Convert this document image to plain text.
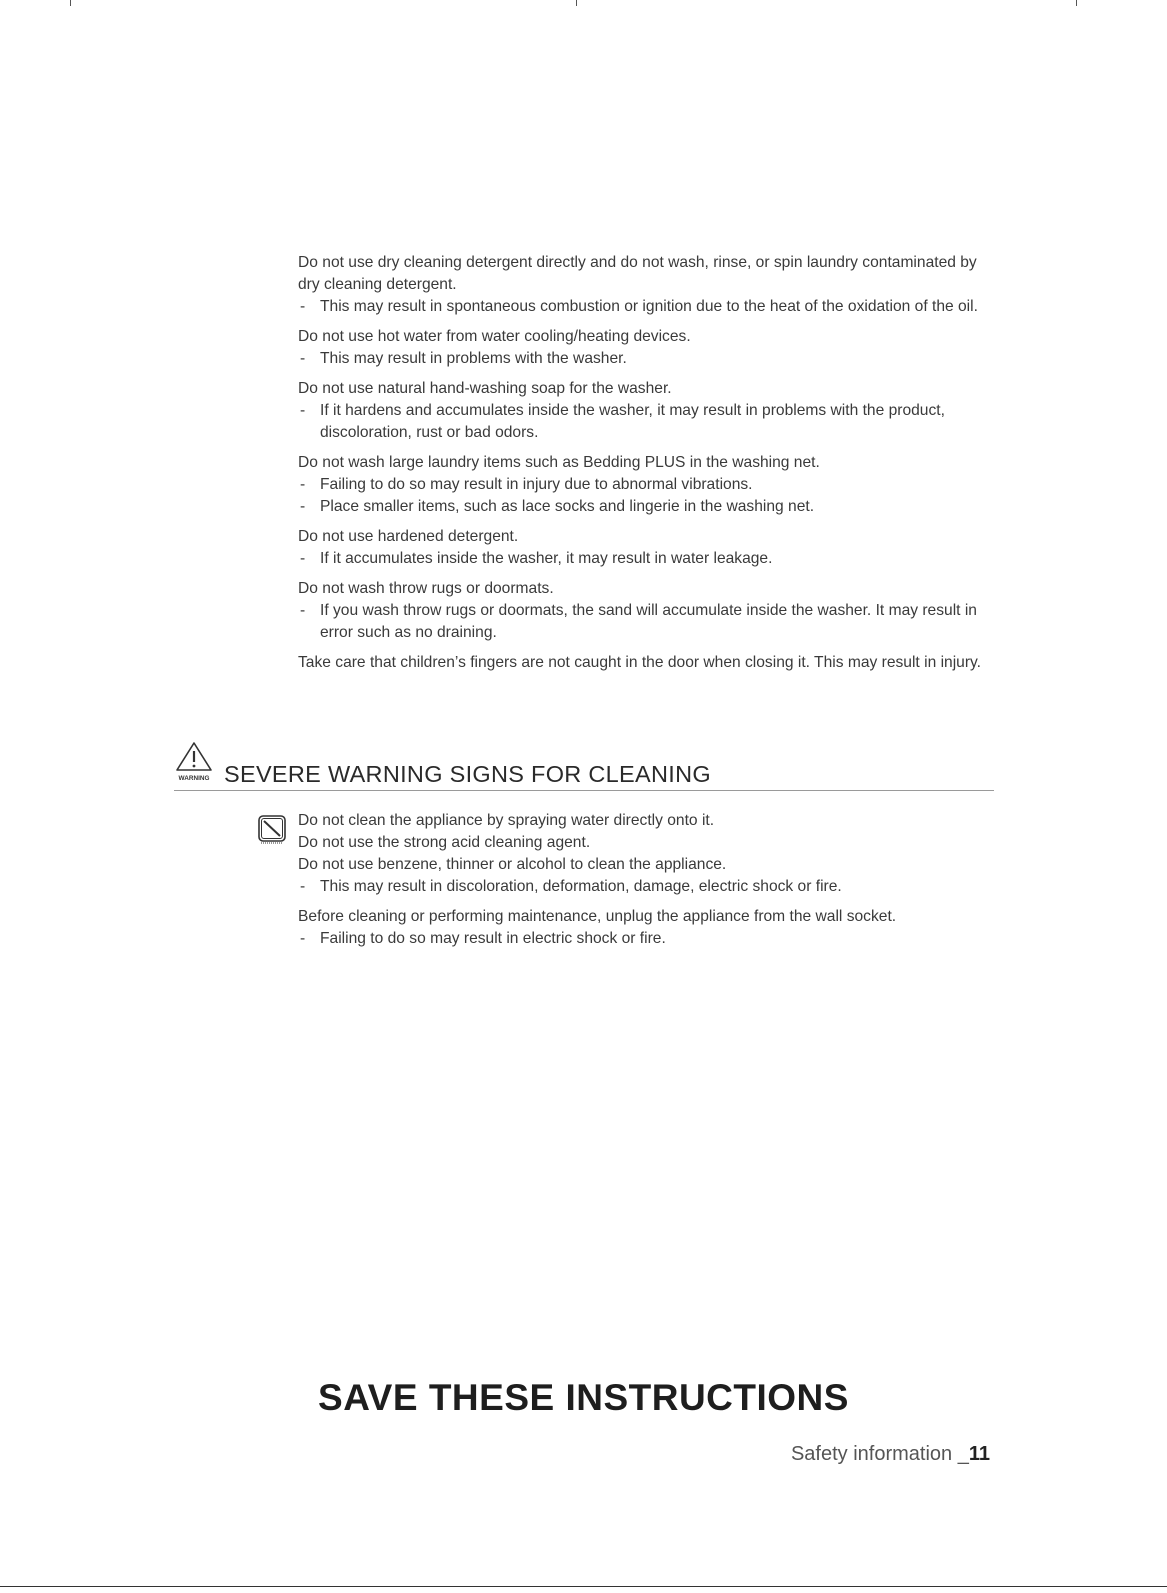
Do not use dry cleaning detergent directly and do not wash, rinse, or spin laundry contaminated by dry cleaning detergent.

- This may result in spontaneous combustion or ignition due to the heat of the oxidation of the oil.

Do not use hot water from water cooling/heating devices.

- This may result in problems with the washer.

Do not use natural hand-washing soap for the washer.

- If it hardens and accumulates inside the washer, it may result in problems with the product, discoloration, rust or bad odors.

Do not wash large laundry items such as Bedding PLUS in the washing net.

- Failing to do so may result in injury due to abnormal vibrations.

- Place smaller items, such as lace socks and lingerie in the washing net.

Do not use hardened detergent.

- If it accumulates inside the washer, it may result in water leakage.

Do not wash throw rugs or doormats.

- If you wash throw rugs or doormats, the sand will accumulate inside the washer. It may result in error such as no draining.

Take care that children’s fingers are not caught in the door when closing it. This may result in injury.

WARNING SEVERE WARNING SIGNS FOR CLEANING

Do not clean the appliance by spraying water directly onto it.

Do not use the strong acid cleaning agent.

Do not use benzene, thinner or alcohol to clean the appliance.

- This may result in discoloration, deformation, damage, electric shock or fire.

Before cleaning or performing maintenance, unplug the appliance from the wall socket.

- Failing to do so may result in electric shock or fire.

SAVE THESE INSTRUCTIONS
Safety information _11
